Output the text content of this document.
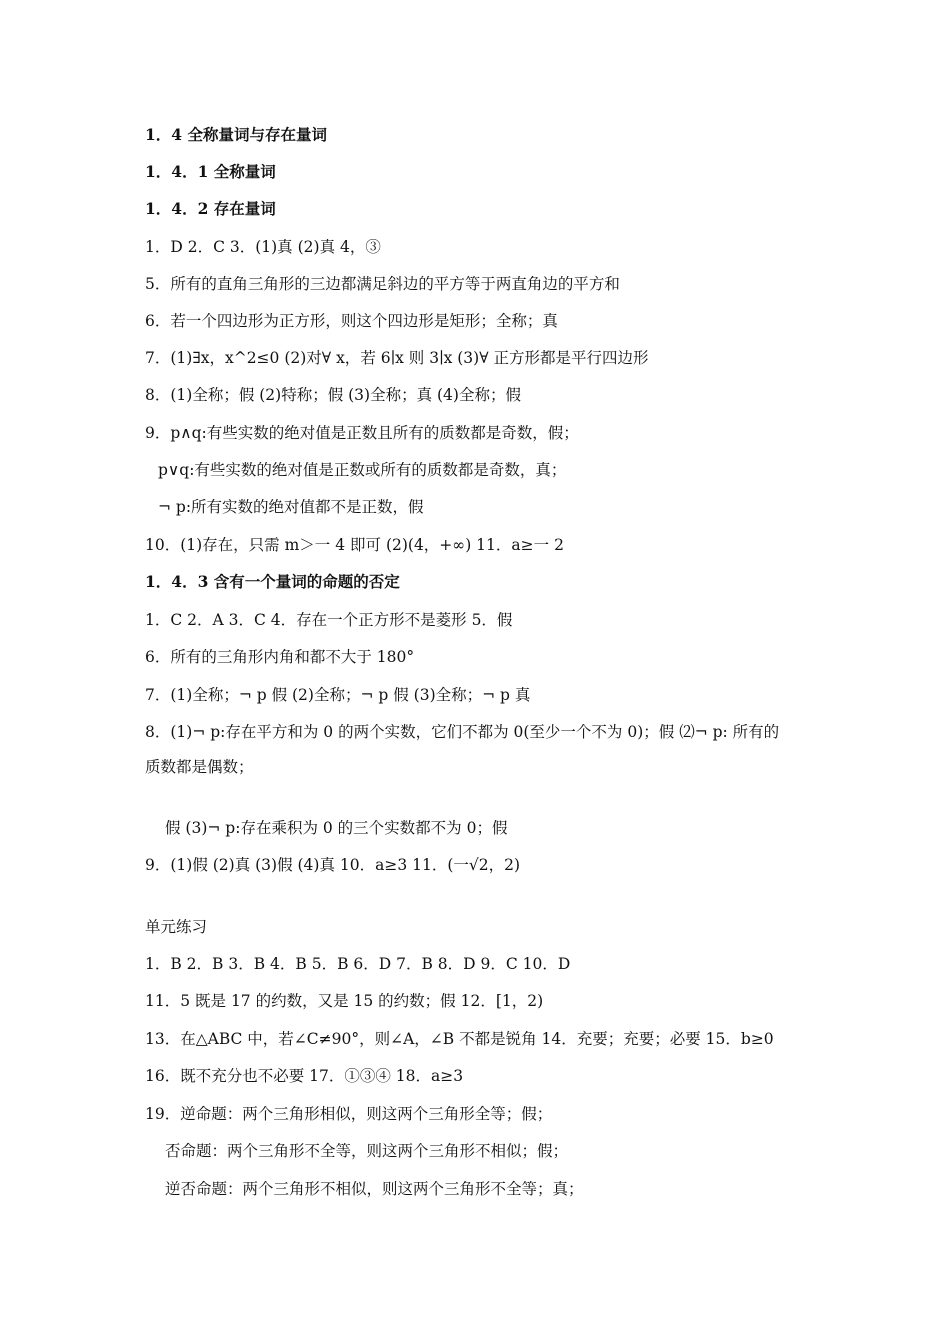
1．4 全称量词与存在量词
1．4．1 全称量词
1．4．2 存在量词
1．D 2．C 3．(1)真 (2)真 4，③
5．所有的直角三角形的三边都满足斜边的平方等于两直角边的平方和
6．若一个四边形为正方形，则这个四边形是矩形；全称；真
7．(1)∃x，x^2≤0 (2)对∀ x，若 6∣x 则 3∣x (3)∀ 正方形都是平行四边形
8．(1)全称；假 (2)特称；假 (3)全称；真 (4)全称；假
9．p∧q:有些实数的绝对值是正数且所有的质数都是奇数，假；
p∨q:有些实数的绝对值是正数或所有的质数都是奇数，真；
¬ p:所有实数的绝对值都不是正数，假
10．(1)存在，只需 m＞一 4 即可 (2)(4，+∞) 11．a≥一 2
1．4．3 含有一个量词的命题的否定
1．C 2．A 3．C 4．存在一个正方形不是菱形 5．假
6．所有的三角形内角和都不大于 180°
7．(1)全称；¬ p 假 (2)全称；¬ p 假 (3)全称；¬ p 真
8．(1)¬ p:存在平方和为 0 的两个实数，它们不都为 0(至少一个不为 0)；假 ⑵¬ p: 所有的
质数都是偶数；
假 (3)¬ p:存在乘积为 0 的三个实数都不为 0；假
9．(1)假 (2)真 (3)假 (4)真 10．a≥3 11．(一√2，2)
单元练习
1．B 2．B 3．B 4．B 5．B 6．D 7．B 8．D 9．C 10．D
11．5 既是 17 的约数，又是 15 的约数；假 12．[1，2)
13．在△ABC 中，若∠C≠90°，则∠A，∠B 不都是锐角 14．充要；充要；必要 15．b≥0
16．既不充分也不必要 17．①③④ 18．a≥3
19．逆命题：两个三角形相似，则这两个三角形全等；假；
否命题：两个三角形不全等，则这两个三角形不相似；假；
逆否命题：两个三角形不相似，则这两个三角形不全等；真；
